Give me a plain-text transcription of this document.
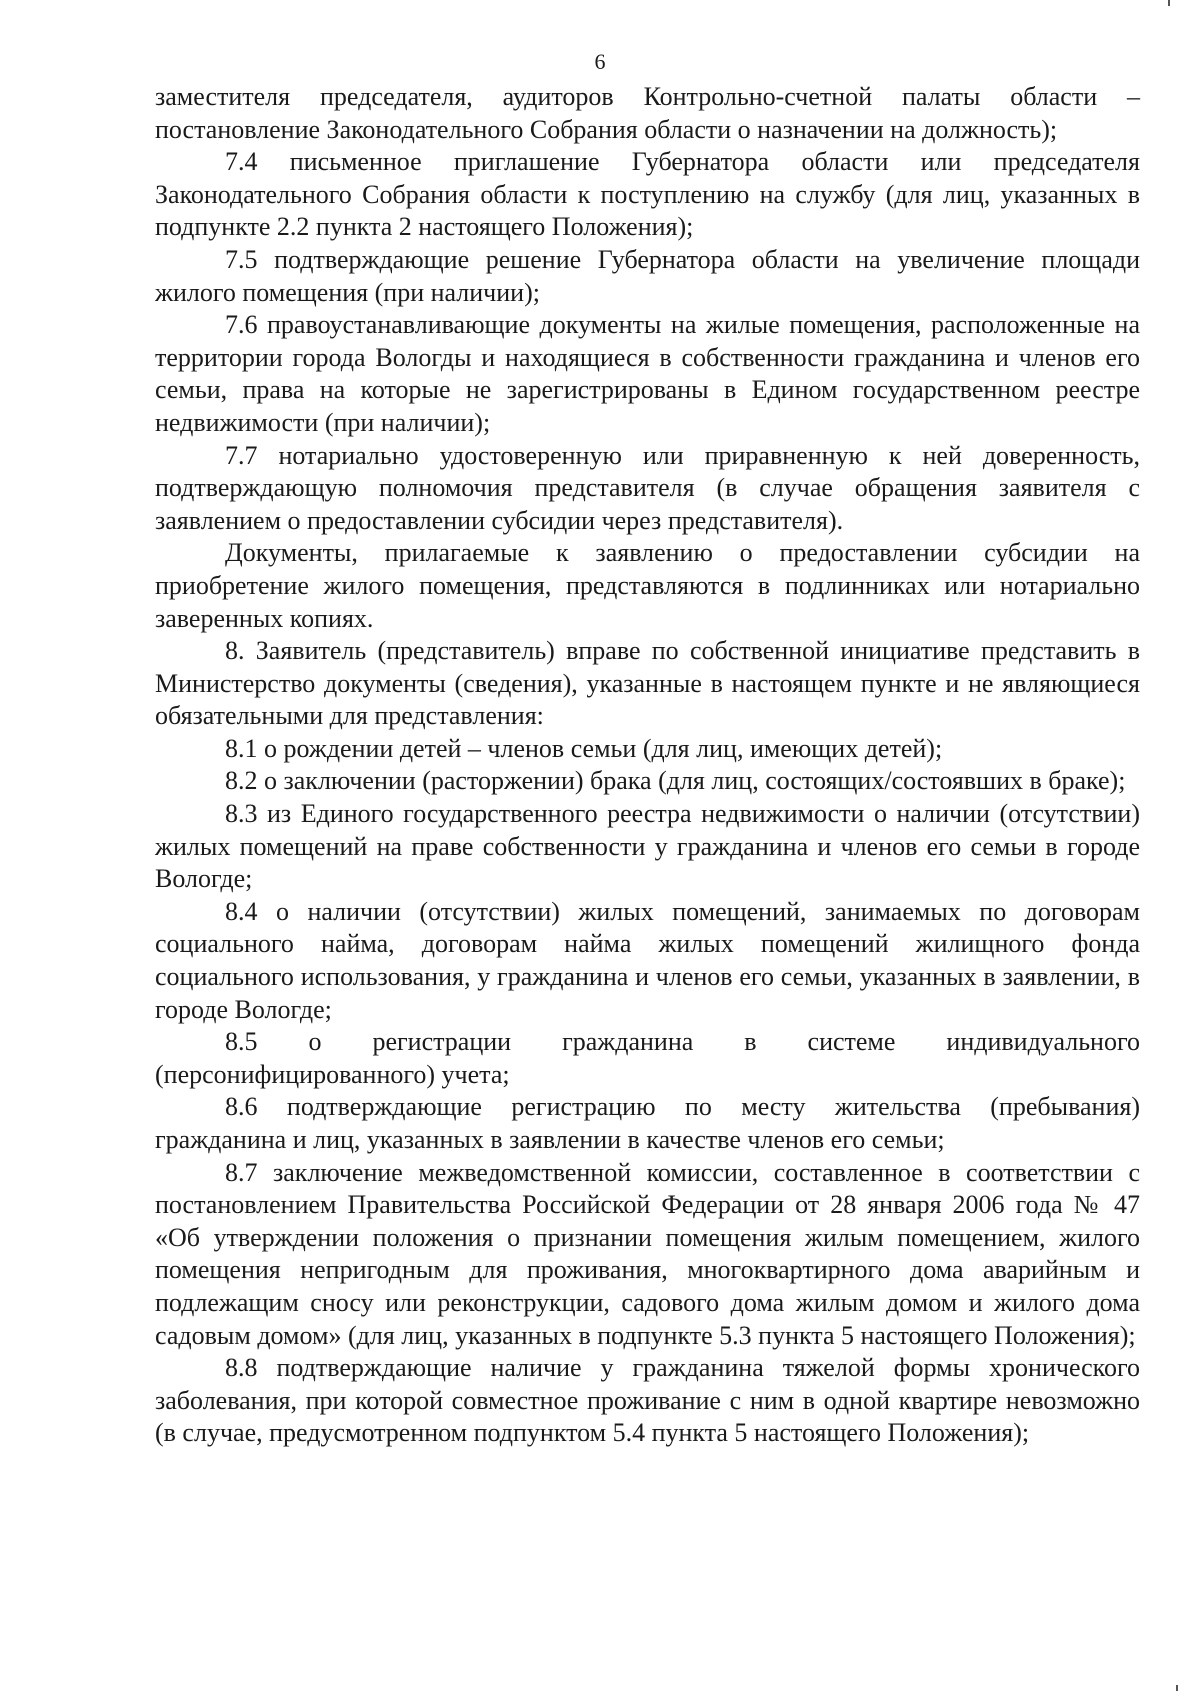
6

заместителя председателя, аудиторов Контрольно-счетной палаты области – постановление Законодательного Собрания области о назначении на должность);

7.4 письменное приглашение Губернатора области или председателя Законодательного Собрания области к поступлению на службу (для лиц, указанных в подпункте 2.2 пункта 2 настоящего Положения);

7.5 подтверждающие решение Губернатора области на увеличение площади жилого помещения (при наличии);

7.6 правоустанавливающие документы на жилые помещения, расположенные на территории города Вологды и находящиеся в собственности гражданина и членов его семьи, права на которые не зарегистрированы в Едином государственном реестре недвижимости (при наличии);

7.7 нотариально удостоверенную или приравненную к ней доверенность, подтверждающую полномочия представителя (в случае обращения заявителя с заявлением о предоставлении субсидии через представителя).

Документы, прилагаемые к заявлению о предоставлении субсидии на приобретение жилого помещения, представляются в подлинниках или нотариально заверенных копиях.

8. Заявитель (представитель) вправе по собственной инициативе представить в Министерство документы (сведения), указанные в настоящем пункте и не являющиеся обязательными для представления:

8.1 о рождении детей – членов семьи (для лиц, имеющих детей);

8.2 о заключении (расторжении) брака (для лиц, состоящих/состоявших в браке);

8.3 из Единого государственного реестра недвижимости о наличии (отсутствии) жилых помещений на праве собственности у гражданина и членов его семьи в городе Вологде;

8.4 о наличии (отсутствии) жилых помещений, занимаемых по договорам социального найма, договорам найма жилых помещений жилищного фонда социального использования, у гражданина и членов его семьи, указанных в заявлении, в городе Вологде;

8.5 о регистрации гражданина в системе индивидуального (персонифицированного) учета;

8.6 подтверждающие регистрацию по месту жительства (пребывания) гражданина и лиц, указанных в заявлении в качестве членов его семьи;

8.7 заключение межведомственной комиссии, составленное в соответствии с постановлением Правительства Российской Федерации от 28 января 2006 года № 47 «Об утверждении положения о признании помещения жилым помещением, жилого помещения непригодным для проживания, многоквартирного дома аварийным и подлежащим сносу или реконструкции, садового дома жилым домом и жилого дома садовым домом» (для лиц, указанных в подпункте 5.3 пункта 5 настоящего Положения);

8.8 подтверждающие наличие у гражданина тяжелой формы хронического заболевания, при которой совместное проживание с ним в одной квартире невозможно (в случае, предусмотренном подпунктом 5.4 пункта 5 настоящего Положения);
